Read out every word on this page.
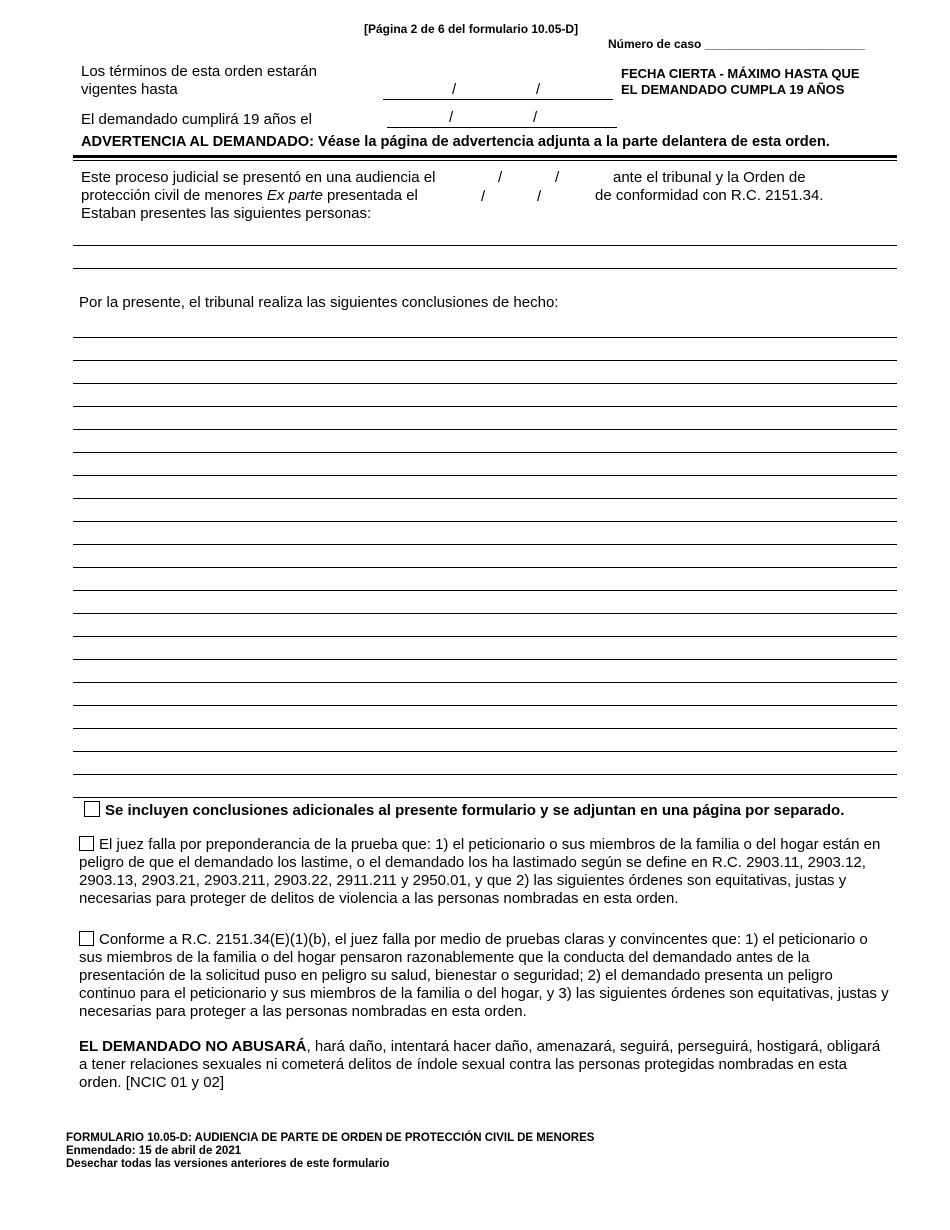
[Página 2 de 6 del formulario 10.05-D]
Número de caso ________________________
Los términos de esta orden estarán
vigentes hasta	/	/
FECHA CIERTA - MÁXIMO HASTA QUE
EL DEMANDADO CUMPLA 19 AÑOS
El demandado cumplirá 19 años el	/	/
ADVERTENCIA AL DEMANDADO: Véase la página de advertencia adjunta a la parte delantera de esta orden.
Este proceso judicial se presentó en una audiencia el
protección civil de menores Ex parte presentada el
Estaban presentes las siguientes personas:
/	/
/	/
ante el tribunal y la Orden de
de conformidad con R.C. 2151.34.
Por la presente, el tribunal realiza las siguientes conclusiones de hecho:
Se incluyen conclusiones adicionales al presente formulario y se adjuntan en una página por separado.
El juez falla por preponderancia de la prueba que: 1) el peticionario o sus miembros de la familia o del hogar están en peligro de que el demandado los lastime, o el demandado los ha lastimado según se define en R.C. 2903.11, 2903.12, 2903.13, 2903.21, 2903.211, 2903.22, 2911.211 y 2950.01, y que 2) las siguientes órdenes son equitativas, justas y necesarias para proteger de delitos de violencia a las personas nombradas en esta orden.
Conforme a R.C. 2151.34(E)(1)(b), el juez falla por medio de pruebas claras y convincentes que: 1) el peticionario o sus miembros de la familia o del hogar pensaron razonablemente que la conducta del demandado antes de la presentación de la solicitud puso en peligro su salud, bienestar o seguridad; 2) el demandado presenta un peligro continuo para el peticionario y sus miembros de la familia o del hogar, y 3) las siguientes órdenes son equitativas, justas y necesarias para proteger a las personas nombradas en esta orden.
EL DEMANDADO NO ABUSARÁ, hará daño, intentará hacer daño, amenazará, seguirá, perseguirá, hostigará, obligará a tener relaciones sexuales ni cometerá delitos de índole sexual contra las personas protegidas nombradas en esta orden. [NCIC 01 y 02]
FORMULARIO 10.05-D: AUDIENCIA DE PARTE DE ORDEN DE PROTECCIÓN CIVIL DE MENORES
Enmendado: 15 de abril de 2021
Desechar todas las versiones anteriores de este formulario
